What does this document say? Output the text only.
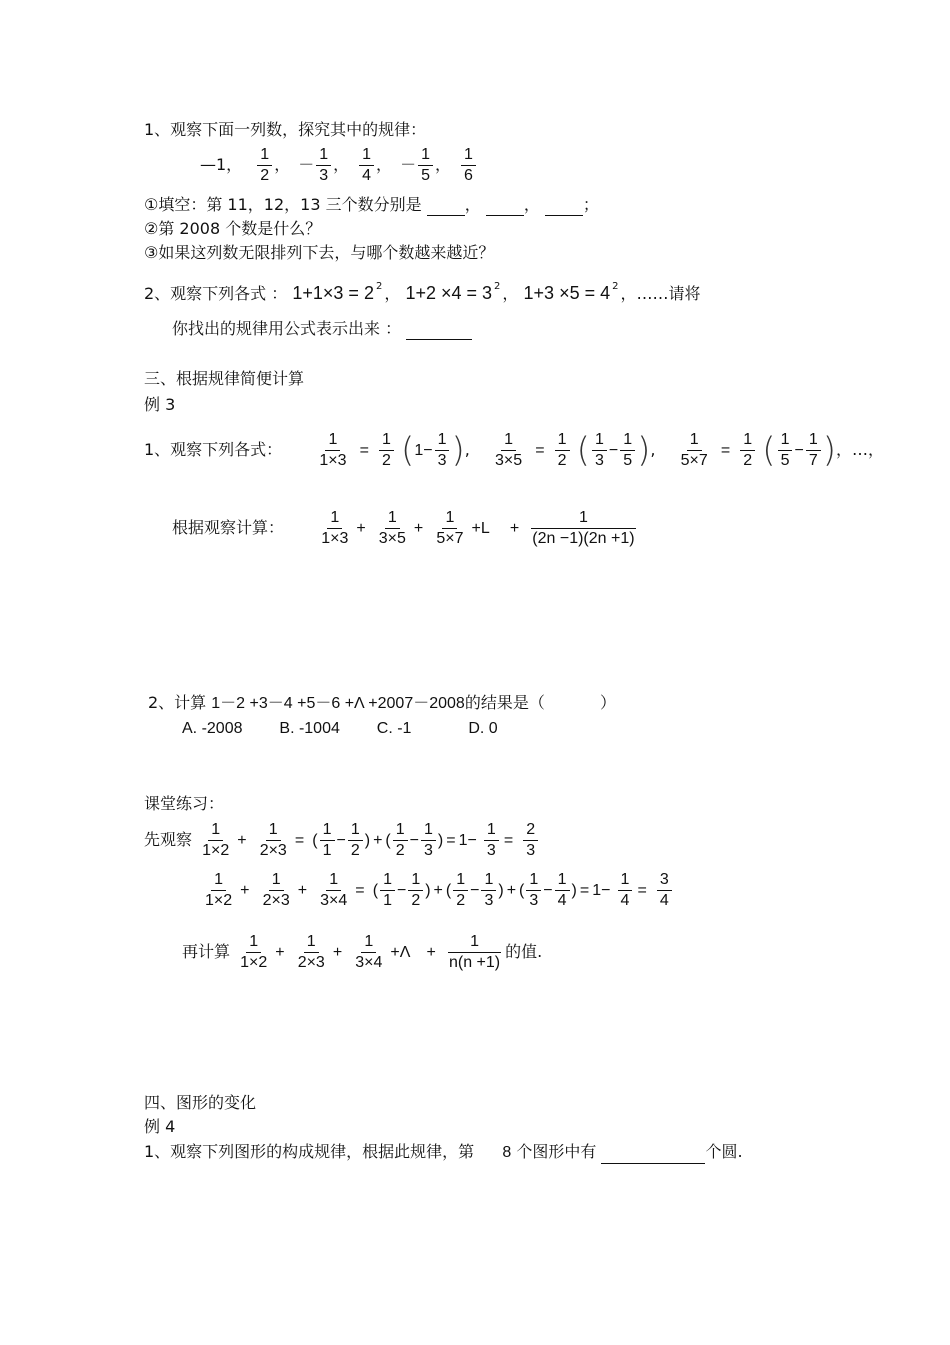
1、观察下面一列数，探究其中的规律：
—1， $\frac{1}{2}$ ， － $\frac{1}{3}$ ， $\frac{1}{4}$ ， － $\frac{1}{5}$ ， $\frac{1}{6}$
①填空：第 11，12，13 三个数分别是	，	，	；
②第 2008 个数是什么？
③如果这列数无限排列下去，与哪个数越来越近？
2、观察下列各式 ： 1+1×3 = 2 $^2$ ， 1+2 ×4 = 3 $^2$ ， 1+3 ×5 = 4 $^2$ ，……请将
你找出的规律用公式表示出来 ：
三、根据规律简便计算
例 3
1、观察下列各式： $\frac{1}{1\times 3} = \frac{1}{2} (1- \frac{1}{3}$ ), $\frac{1}{3\times 5} = \frac{1}{2}$ ( $\frac{1}{3} - \frac{1}{5}$ ), $\frac{1}{5\times 7} = \frac{1}{2}$ ( $\frac{1}{5} - \frac{1}{7}$ )，…，
根据观察计算： $\frac{1}{1\times 3} + \frac{1}{3\times 5} + \frac{1}{5\times 7} +L + \frac{1}{(2n -1)(2n +1)}$
2、计算 1－2 +3－4 +5－6 +Λ +2007－2008的结果是（	）
A. -2008 B. -1004 C. -1	D. 0
课堂练习：
先观察 $\frac{1}{1\times 2} + \frac{1}{2\times 3}$ = ( $\frac{1}{1} - \frac{1}{2}$ ) + ( $\frac{1}{2} - \frac{1}{3}$ ) = $1- \frac{1}{3} = \frac{2}{3}$
$\frac{1}{1\times 2} + \frac{1}{2\times 3} + \frac{1}{3\times 4}$ = ( $\frac{1}{1} - \frac{1}{2}$ ) + ( $\frac{1}{2} - \frac{1}{3}$ ) + ( $\frac{1}{3} - \frac{1}{4}$ ) = $1- \frac{1}{4} = \frac{3}{4}$
再计算 $\frac{1}{1\times 2} + \frac{1}{2\times 3} + \frac{1}{3\times 4} +\Lambda + \frac{1}{n(n +1)}$ 的值.
四、图形的变化
例 4
1、观察下列图形的构成规律，根据此规律，第 8 个图形中有	个圆.
